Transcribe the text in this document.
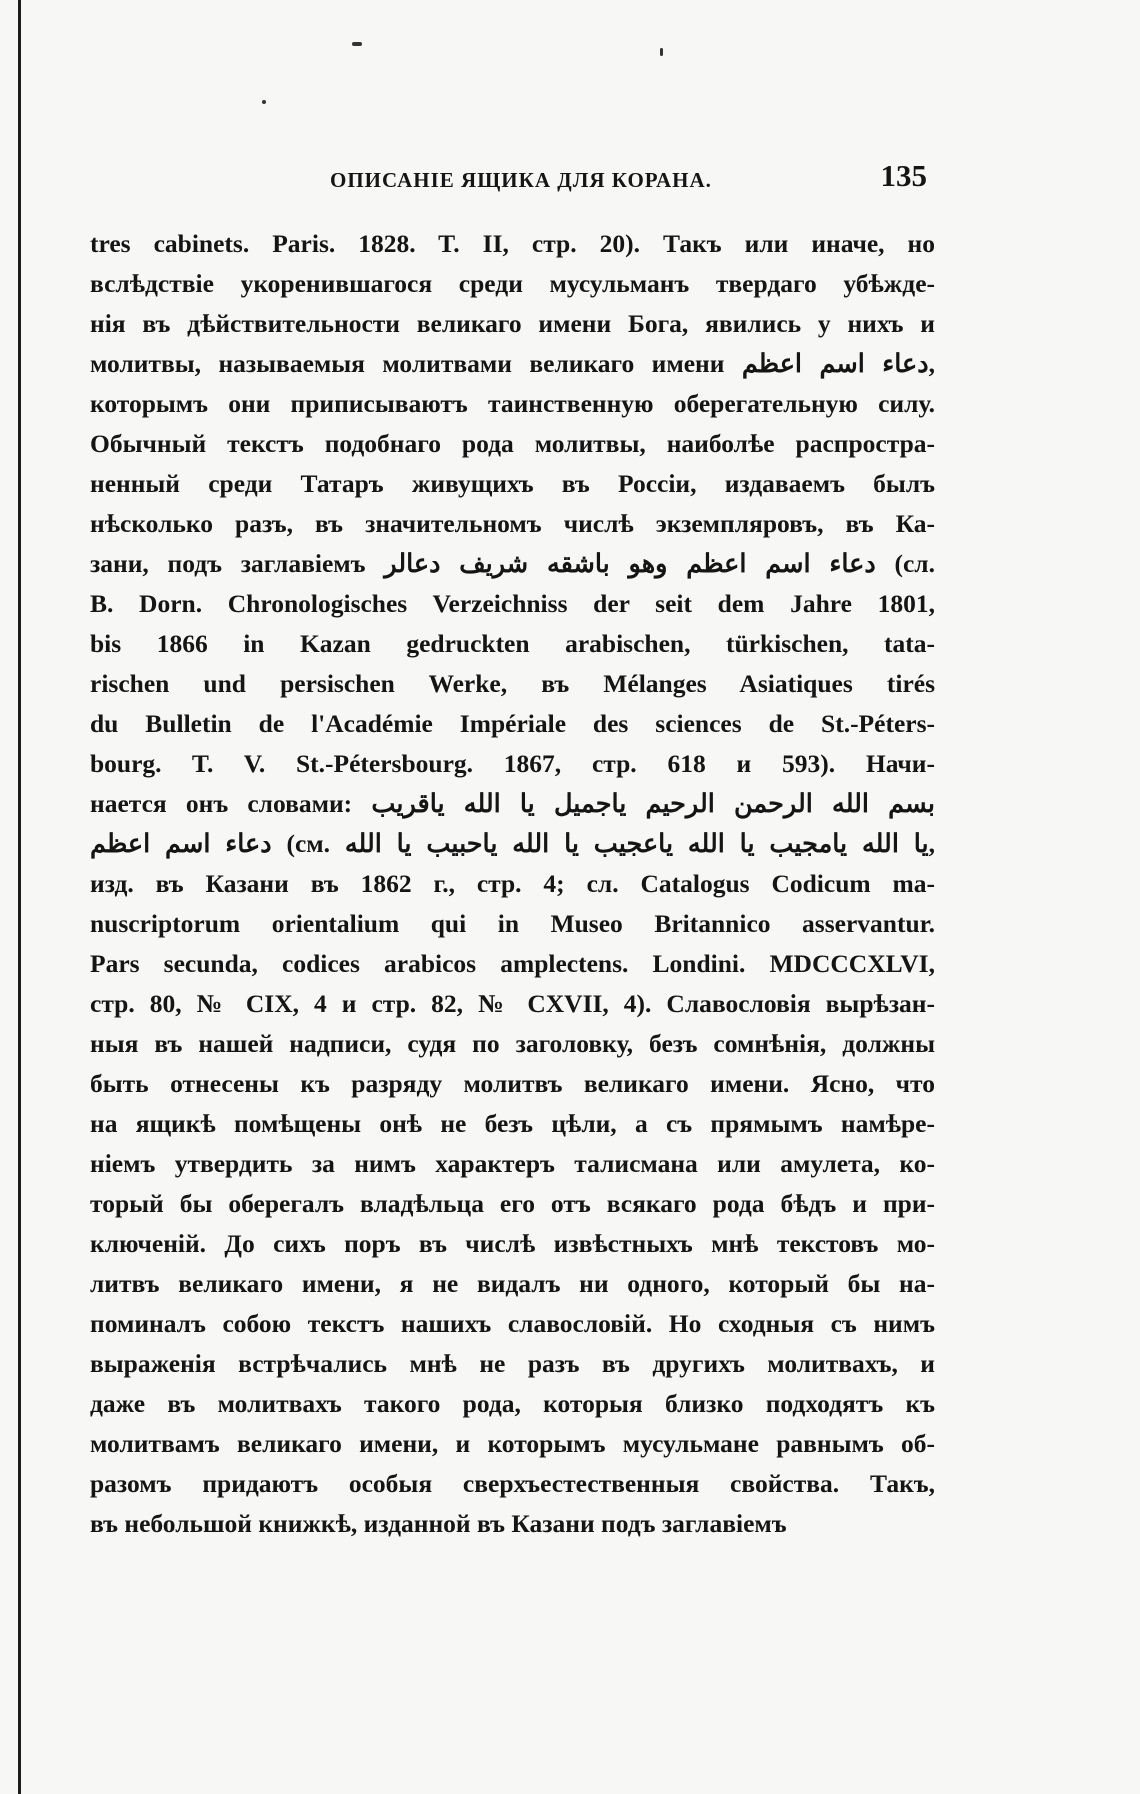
ОПИСАНІЕ ЯЩИКА ДЛЯ КОРАНА.	135
tres cabinets. Paris. 1828. T. II, стр. 20). Такъ или иначе, но
вслѣдствіе укоренившагося среди мусульманъ твердаго убѣжде-
нія въ дѣйствительности великаго имени Бога, явились у нихъ и
молитвы, называемыя молитвами великаго имени دعاء اسم اعظم,
которымъ они приписываютъ таинственную оберегательную силу.
Обычный текстъ подобнаго рода молитвы, наиболѣе распростра-
ненный среди Татаръ живущихъ въ Россіи, издаваемъ былъ
нѣсколько разъ, въ значительномъ числѣ экземпляровъ, въ Ка-
зани, подъ заглавіемъ دعاء اسم اعظم وهو باشقه شريف دعالر (сл.
B. Dorn. Chronologisches Verzeichniss der seit dem Jahre 1801,
bis 1866 in Kazan gedruckten arabischen, türkischen, tata-
rischen und persischen Werke, въ Mélanges Asiatiques tirés
du Bulletin de l'Académie Impériale des sciences de St.-Péters-
bourg. T. V. St.-Pétersbourg. 1867, стр. 618 и 593). Начи-
нается онъ словами: بسم الله الرحمن الرحيم ياجميل يا الله ياقريب
دعاء اسم اعظم (см. يا الله يامجيب يا الله ياعجيب يا الله ياحبيب يا الله,
изд. въ Казани въ 1862 г., стр. 4; сл. Catalogus Codicum ma-
nuscriptorum orientalium qui in Museo Britannico asservantur.
Pars secunda, codices arabicos amplectens. Londini. MDCCCXLVI,
стр. 80, № CIX, 4 и стр. 82, № CXVII, 4). Славословія вырѣзан-
ныя въ нашей надписи, судя по заголовку, безъ сомнѣнія, должны
быть отнесены къ разряду молитвъ великаго имени. Ясно, что
на ящикѣ помѣщены онѣ не безъ цѣли, а съ прямымъ намѣре-
ніемъ утвердить за нимъ характеръ талисмана или амулета, ко-
торый бы оберегалъ владѣльца его отъ всякаго рода бѣдъ и при-
ключеній. До сихъ поръ въ числѣ извѣстныхъ мнѣ текстовъ мо-
литвъ великаго имени, я не видалъ ни одного, который бы на-
поминалъ собою текстъ нашихъ славословій. Но сходныя съ нимъ
выраженія встрѣчались мнѣ не разъ въ другихъ молитвахъ, и
даже въ молитвахъ такого рода, которыя близко подходятъ къ
молитвамъ великаго имени, и которымъ мусульмане равнымъ об-
разомъ придаютъ особыя сверхъестественныя свойства. Такъ,
въ небольшой книжкѣ, изданной въ Казани подъ заглавіемъ
